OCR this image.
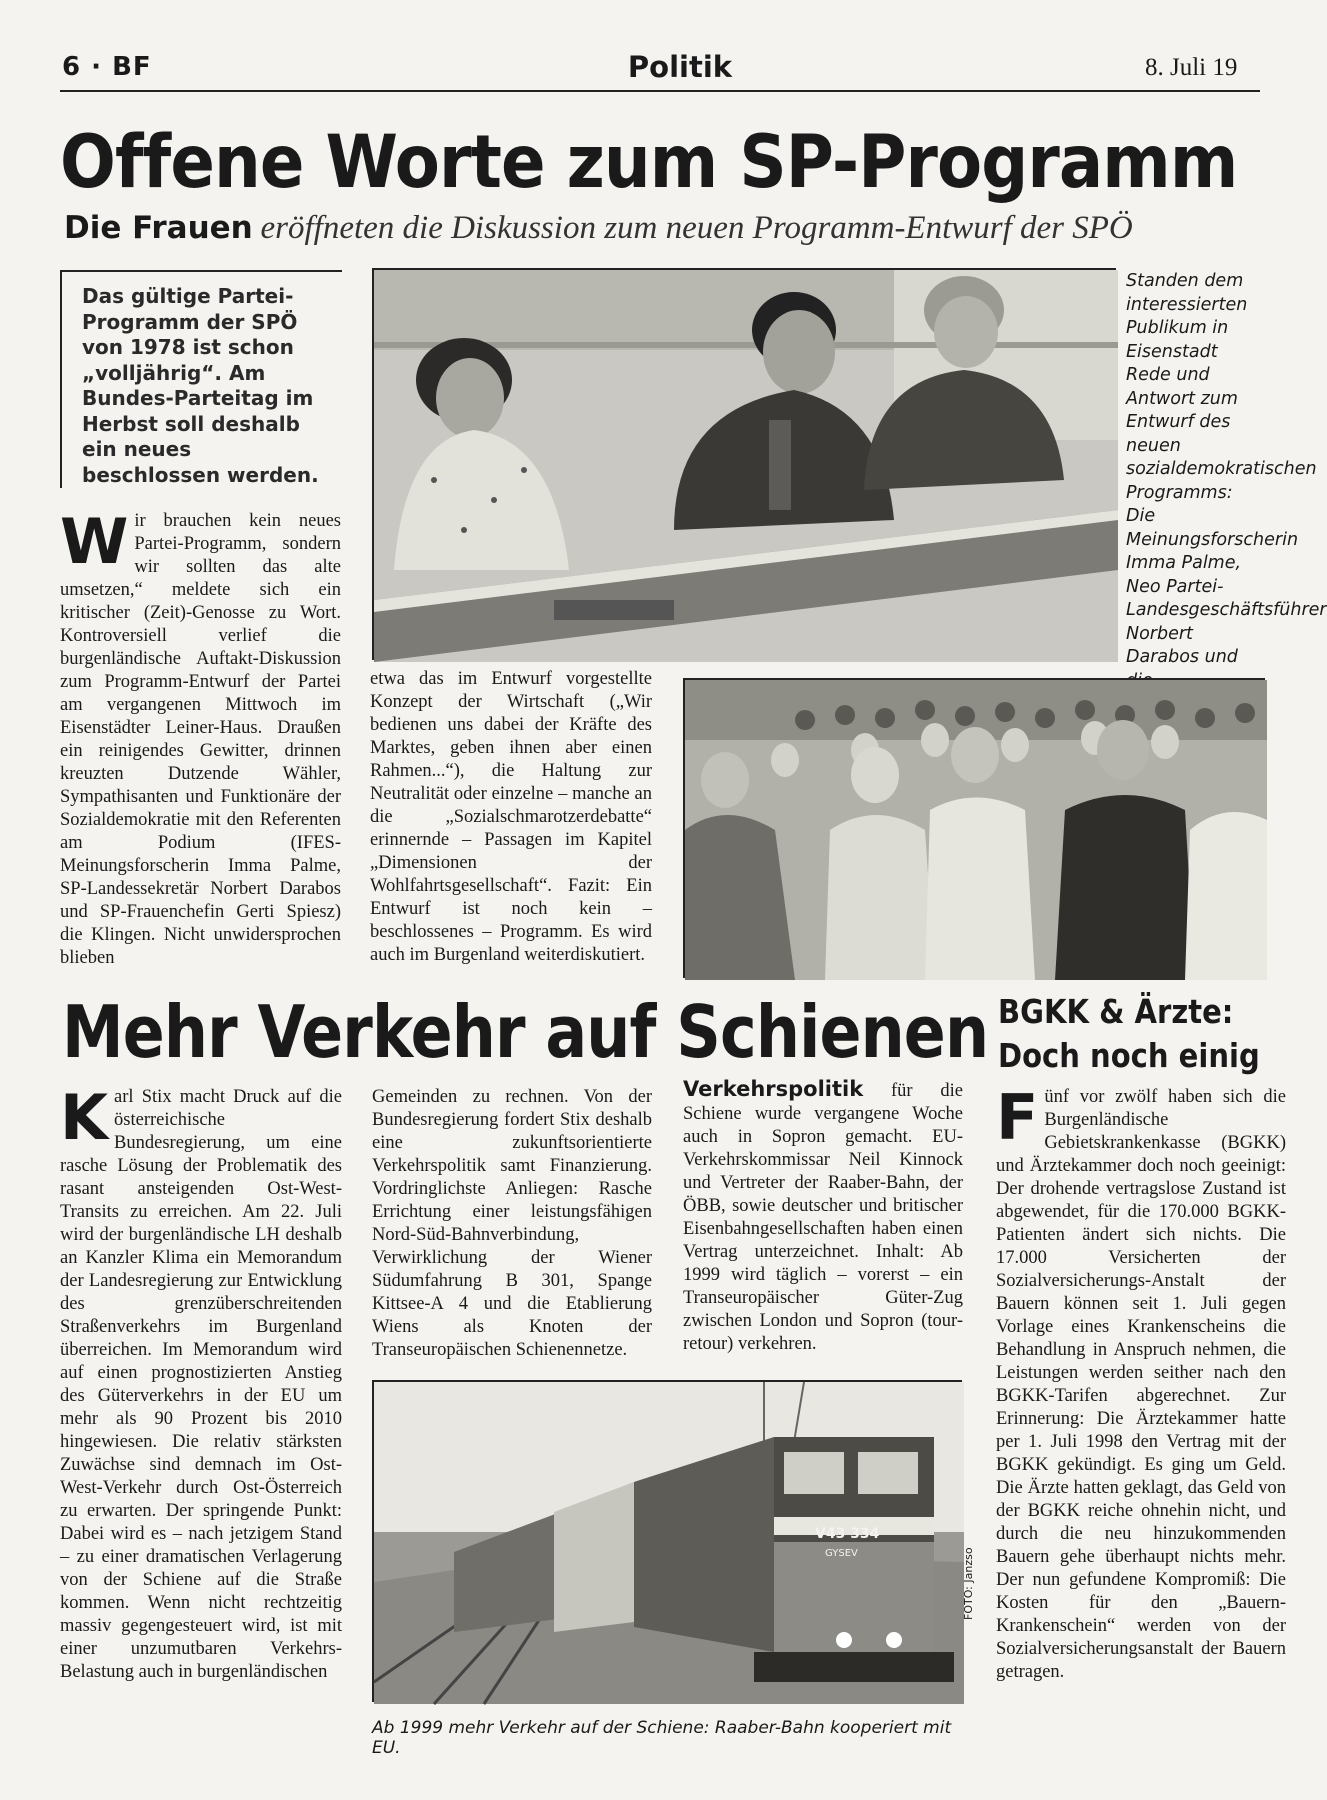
6 · BF	Politik	8. Juli 19
Offene Worte zum SP-Programm
Die Frauen eröffneten die Diskussion zum neuen Programm-Entwurf der SPÖ
Das gültige Partei-Programm der SPÖ von 1978 ist schon „volljährig“. Am Bundes-Parteitag im Herbst soll deshalb ein neues beschlossen werden.
Wir brauchen kein neues Partei-Programm, sondern wir sollten das alte umsetzen,“ meldete sich ein kritischer (Zeit)-Genosse zu Wort. Kontroversiell verlief die burgenländische Auftakt-Diskussion zum Programm-Entwurf der Partei am vergangenen Mittwoch im Eisenstädter Leiner-Haus. Draußen ein reinigendes Gewitter, drinnen kreuzten Dutzende Wähler, Sympathisanten und Funktionäre der Sozialdemokratie mit den Referenten am Podium (IFES-Meinungsforscherin Imma Palme, SP-Landessekretär Norbert Darabos und SP-Frauenchefin Gerti Spiesz) die Klingen. Nicht unwidersprochen blieben
Standen dem interessierten Publikum in Eisenstadt Rede und Antwort zum Entwurf des neuen sozialdemokratischen Programms: Die Meinungsforscherin Imma Palme, Neo Partei-Landesgeschäftsführer Norbert Darabos und
etwa das im Entwurf vorgestellte Konzept der Wirtschaft („Wir bedienen uns dabei der Kräfte des Marktes, geben ihnen aber einen Rahmen...“), die Haltung zur Neutralität oder einzelne – manche an die „Sozialschmarotzerdebatte“ erinnernde – Passagen im Kapitel „Dimensionen der Wohlfahrtsgesellschaft“. Fazit: Ein Entwurf ist noch kein – beschlossenes – Programm. Es wird auch im Burgenland weiterdiskutiert.
Mehr Verkehr auf Schienen
Karl Stix macht Druck auf die österreichische Bundesregierung, um eine rasche Lösung der Problematik des rasant ansteigenden Ost-West-Transits zu erreichen. Am 22. Juli wird der burgenländische LH deshalb an Kanzler Klima ein Memorandum der Landesregierung zur Entwicklung des grenzüberschreitenden Straßenverkehrs im Burgenland überreichen. Im Memorandum wird auf einen prognostizierten Anstieg des Güterverkehrs in der EU um mehr als 90 Prozent bis 2010 hingewiesen. Die relativ stärksten Zuwächse sind demnach im Ost-West-Verkehr durch Ost-Österreich zu erwarten. Der springende Punkt: Dabei wird es – nach jetzigem Stand – zu einer dramatischen Verlagerung von der Schiene auf die Straße kommen. Wenn nicht rechtzeitig massiv gegengesteuert wird, ist mit einer unzumutbaren Verkehrs-Belastung auch in burgenländischen
Gemeinden zu rechnen. Von der Bundesregierung fordert Stix deshalb eine zukunftsorientierte Verkehrspolitik samt Finanzierung. Vordringlichste Anliegen: Rasche Errichtung einer leistungsfähigen Nord-Süd-Bahnverbindung, Verwirklichung der Wiener Südumfahrung B 301, Spange Kittsee-A 4 und die Etablierung Wiens als Knoten der Transeuropäischen Schienennetze.
Verkehrspolitik für die Schiene wurde vergangene Woche auch in Sopron gemacht. EU-Verkehrskommissar Neil Kinnock und Vertreter der Raaber-Bahn, der ÖBB, sowie deutscher und britischer Eisenbahngesellschaften haben einen Vertrag unterzeichnet. Inhalt: Ab 1999 wird täglich – vorerst – ein Transeuropäischer Güter-Zug zwischen London und Sopron (tour-retour) verkehren.
V43 334
GYSEV	FOTO: Janzso
Ab 1999 mehr Verkehr auf der Schiene: Raaber-Bahn kooperiert mit EU.
BGKK & Ärzte:
Doch noch einig
Fünf vor zwölf haben sich die Burgenländische Gebietskrankenkasse (BGKK) und Ärztekammer doch noch geeinigt: Der drohende vertragslose Zustand ist abgewendet, für die 170.000 BGKK-Patienten ändert sich nichts. Die 17.000 Versicherten der Sozialversicherungs-Anstalt der Bauern können seit 1. Juli gegen Vorlage eines Krankenscheins die Behandlung in Anspruch nehmen, die Leistungen werden seither nach den BGKK-Tarifen abgerechnet. Zur Erinnerung: Die Ärztekammer hatte per 1. Juli 1998 den Vertrag mit der BGKK gekündigt. Es ging um Geld. Die Ärzte hatten geklagt, das Geld von der BGKK reiche ohnehin nicht, und durch die neu hinzukommenden Bauern gehe überhaupt nichts mehr. Der nun gefundene Kompromiß: Die Kosten für den „Bauern-Krankenschein“ werden von der Sozialversicherungsanstalt der Bauern getragen.
